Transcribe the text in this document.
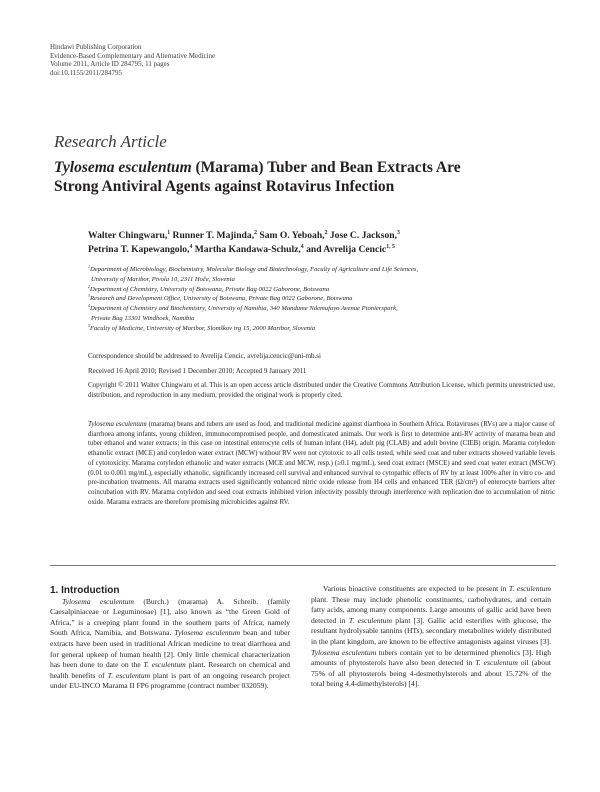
Hindawi Publishing Corporation
Evidence-Based Complementary and Alternative Medicine
Volume 2011, Article ID 284795, 11 pages
doi:10.1155/2011/284795
Research Article
Tylosema esculentum (Marama) Tuber and Bean Extracts Are
Strong Antiviral Agents against Rotavirus Infection
Walter Chingwaru,$^1$ Runner T. Majinda,$^2$ Sam O. Yeboah,$^2$ Jose C. Jackson,$^3$
Petrina T. Kapewangolo,$^4$ Martha Kandawa-Schulz,$^4$ and Avrelija Cencic$^{1, 5}$
$^1$Department of Microbiology, Biochemistry, Molecular Biology and Biotechnology, Faculty of Agriculture and Life Sciences,
University of Maribor, Pivola 10, 2311 Hoče, Slovenia
$^2$Department of Chemistry, University of Botswana, Private Bag 0022 Gaborone, Botswana
$^3$Research and Development Office, University of Botswana, Private Bag 0022 Gaborone, Botswana
$^4$Department of Chemistry and Biochemistry, University of Namibia, 340 Mandume Ndemufayo Avenue Pionierspark,
Private Bag 13301 Windhoek, Namibia
$^5$Faculty of Medicine, University of Maribor, Slomškov trg 15, 2000 Maribor, Slovenia
Correspondence should be addressed to Avrelija Cencic, avrelija.cencic@uni-mb.si
Received 16 April 2010; Revised 1 December 2010; Accepted 9 January 2011
Copyright © 2011 Walter Chingwaru et al. This is an open access article distributed under the Creative Commons Attribution License, which permits unrestricted use, distribution, and reproduction in any medium, provided the original work is properly cited.
Tylosema esculentum (marama) beans and tubers are used as food, and traditional medicine against diarrhoea in Southern Africa. Rotaviruses (RVs) are a major cause of diarrhoea among infants, young children, immunocompromised people, and domesticated animals. Our work is first to determine anti-RV activity of marama bean and tuber ethanol and water extracts; in this case on intestinal enterocyte cells of human infant (H4), adult pig (CLAB) and adult bovine (CIEB) origin. Marama cotyledon ethanolic extract (MCE) and cotyledon water extract (MCW) without RV were not cytotoxic to all cells tested, while seed coat and tuber extracts showed variable levels of cytotoxicity. Marama cotyledon ethanolic and water extracts (MCE and MCW, resp.) (≥0.1 mg/mL), seed coat extract (MSCE) and seed coat water extract (MSCW) (0.01 to 0.001 mg/mL), especially ethanolic, significantly increased cell survival and enhanced survival to cytopathic effects of RV by at least 100% after in vitro co- and pre-incubation treatments. All marama extracts used significantly enhanced nitric oxide release from H4 cells and enhanced TER (Ω/cm²) of enterocyte barriers after coincubation with RV. Marama cotyledon and seed coat extracts inhibited virion infectivity possibly through interference with replication due to accumulation of nitric oxide. Marama extracts are therefore promising microbicides against RV.

1. Introduction

Tylosema esculentum (Burch.) (marama) A. Schreib. (family Caesalpiniaceae or Leguminosae) [1], also known as “the Green Gold of Africa,” is a creeping plant found in the southern parts of Africa, namely South Africa, Namibia, and Botswana. Tylosema esculentum bean and tuber extracts have been used in traditional African medicine to treat diarrhoea and for general upkeep of human health [2]. Only little chemical characterization has been done to date on the T. esculentum plant. Research on chemical and health benefits of T. esculentum plant is part of an ongoing research project under EU-INCO Marama II FP6 programme (contract number 032059).

Various bioactive constituents are expected to be present in T. esculentum plant. These may include phenolic constituents, carbohydrates, and certain fatty acids, among many components. Large amounts of gallic acid have been detected in T. esculentum plant [3]. Gallic acid esterifies with glucose, the resultant hydrolysable tannins (HTs), secondary metabolites widely distributed in the plant kingdom, are known to be effective antagonists against viruses [3]. Tylosema esculentum tubers contain yet to be determined phenolics [3]. High amounts of phytosterols have also been detected in T. esculentum oil (about 75% of all phytosterols being 4-desmethylsterols and about 15.72% of the total being 4,4-dimethylsterols) [4].
